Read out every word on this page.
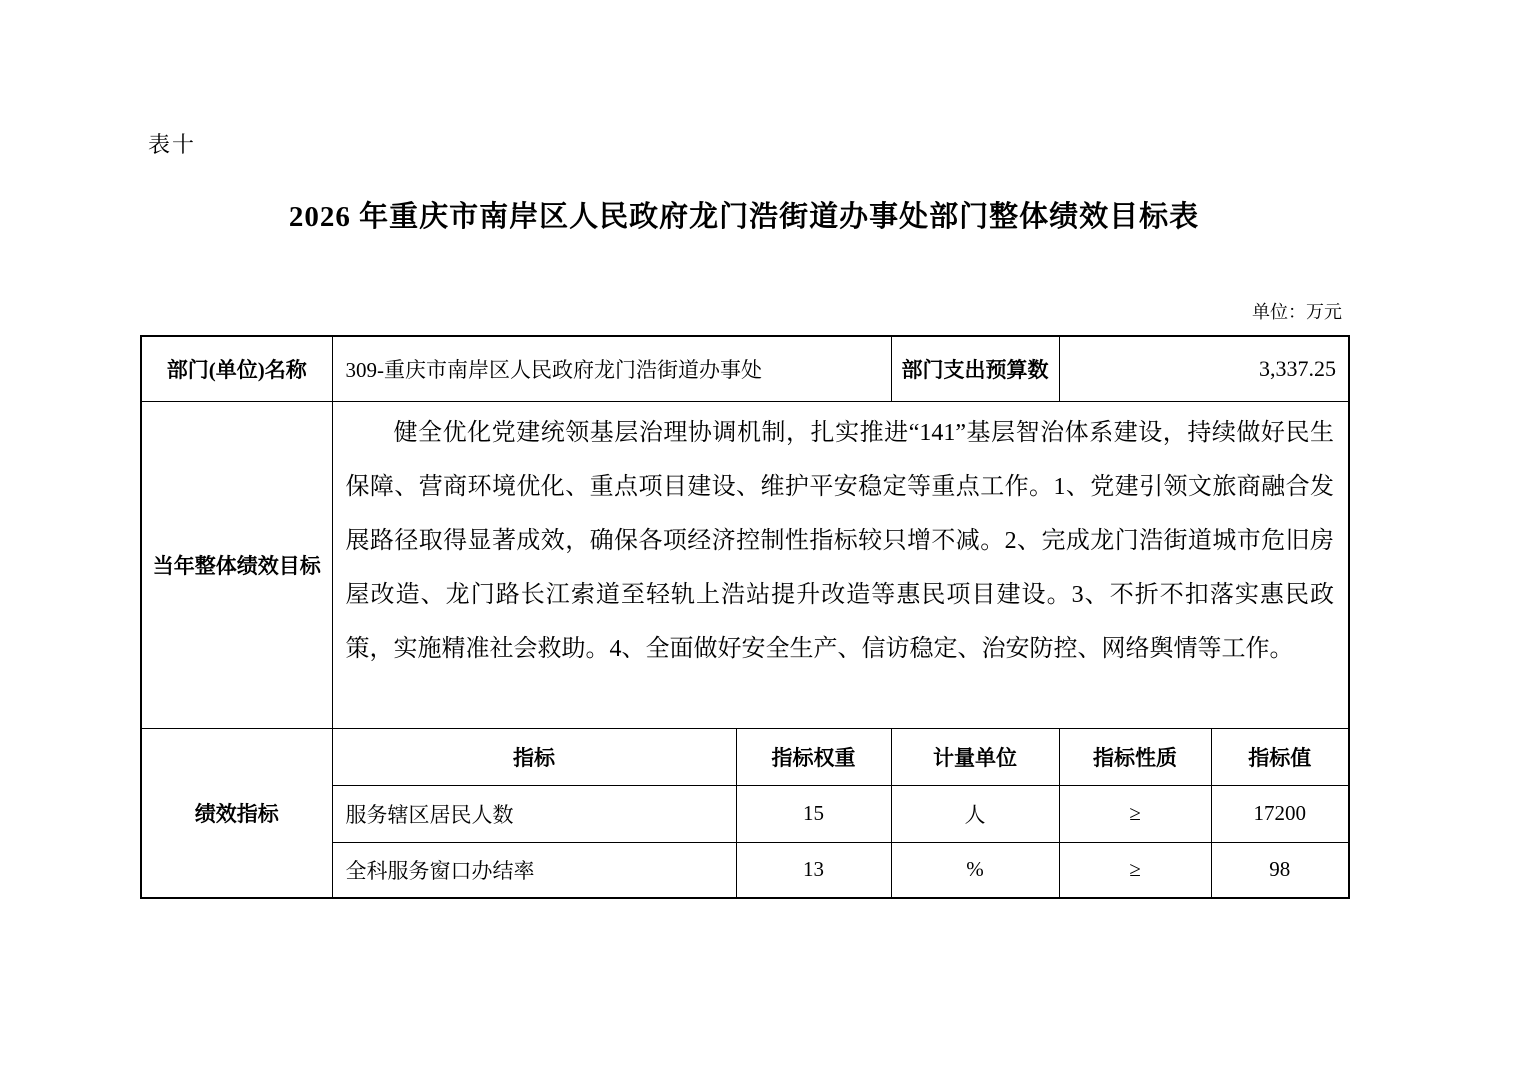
表十
2026 年重庆市南岸区人民政府龙门浩街道办事处部门整体绩效目标表
单位：万元
部门(单位)名称	309-重庆市南岸区人民政府龙门浩街道办事处		部门支出预算数	3,337.25	
当年整体绩效目标	健全优化党建统领基层治理协调机制，扎实推进“141”基层智治体系建设，持续做好民生保障、营商环境优化、重点项目建设、维护平安稳定等重点工作。1、党建引领文旅商融合发展路径取得显著成效，确保各项经济控制性指标较只增不减。2、完成龙门浩街道城市危旧房屋改造、龙门路长江索道至轻轨上浩站提升改造等惠民项目建设。3、不折不扣落实惠民政策，实施精准社会救助。4、全面做好安全生产、信访稳定、治安防控、网络舆情等工作。				

绩效指标	指标	指标权重	计量单位	指标性质	指标值
	服务辖区居民人数	15	人	≥	17200
	全科服务窗口办结率	13	%	≥	98
